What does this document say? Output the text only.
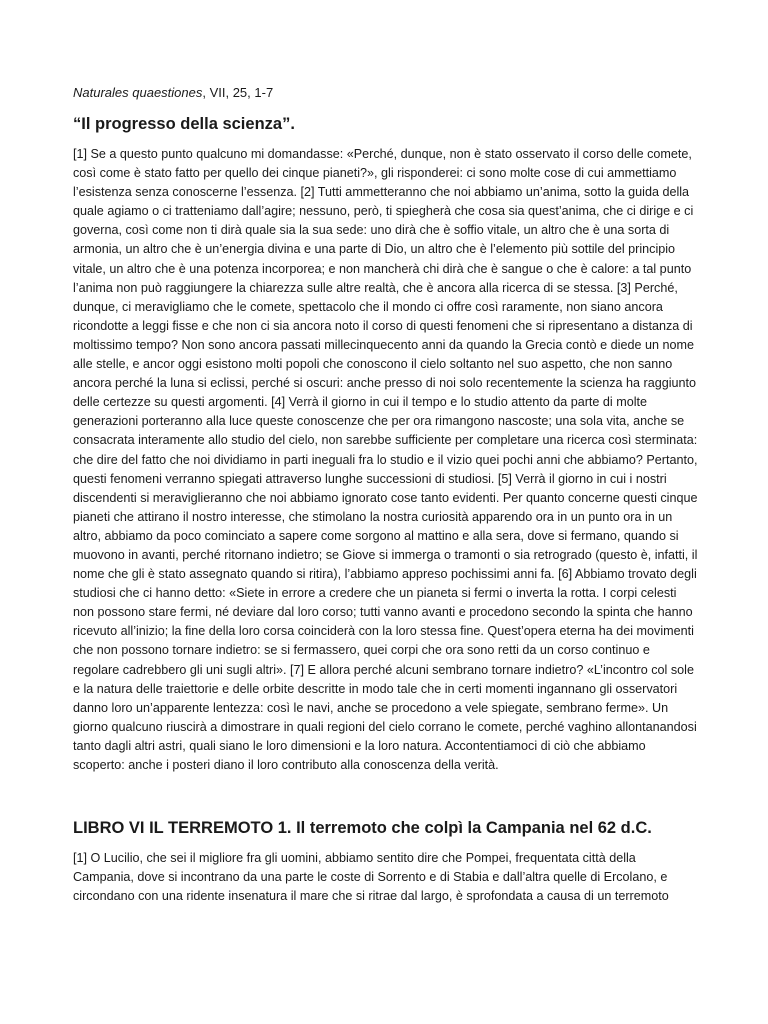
Naturales quaestiones, VII, 25, 1-7

“Il progresso della scienza”.

[1] Se a questo punto qualcuno mi domandasse: «Perché, dunque, non è stato osservato il corso delle comete, così come è stato fatto per quello dei cinque pianeti?», gli risponderei: ci sono molte cose di cui ammettiamo l’esistenza senza conoscerne l’essenza. [2] Tutti ammetteranno che noi abbiamo un’anima, sotto la guida della quale agiamo o ci tratteniamo dall’agire; nessuno, però, ti spiegherà che cosa sia quest’anima, che ci dirige e ci governa, così come non ti dirà quale sia la sua sede: uno dirà che è soffio vitale, un altro che è una sorta di armonia, un altro che è un’energia divina e una parte di Dio, un altro che è l’elemento più sottile del principio vitale, un altro che è una potenza incorporea; e non mancherà chi dirà che è sangue o che è calore: a tal punto l’anima non può raggiungere la chiarezza sulle altre realtà, che è ancora alla ricerca di se stessa. [3] Perché, dunque, ci meravigliamo che le comete, spettacolo che il mondo ci offre così raramente, non siano ancora ricondotte a leggi fisse e che non ci sia ancora noto il corso di questi fenomeni che si ripresentano a distanza di moltissimo tempo? Non sono ancora passati millecinquecento anni da quando la Grecia contò e diede un nome alle stelle, e ancor oggi esistono molti popoli che conoscono il cielo soltanto nel suo aspetto, che non sanno ancora perché la luna si eclissi, perché si oscuri: anche presso di noi solo recentemente la scienza ha raggiunto delle certezze su questi argomenti. [4] Verrà il giorno in cui il tempo e lo studio attento da parte di molte generazioni porteranno alla luce queste conoscenze che per ora rimangono nascoste; una sola vita, anche se consacrata interamente allo studio del cielo, non sarebbe sufficiente per completare una ricerca così sterminata: che dire del fatto che noi dividiamo in parti ineguali fra lo studio e il vizio quei pochi anni che abbiamo? Pertanto, questi fenomeni verranno spiegati attraverso lunghe successioni di studiosi. [5] Verrà il giorno in cui i nostri discendenti si meraviglieranno che noi abbiamo ignorato cose tanto evidenti. Per quanto concerne questi cinque pianeti che attirano il nostro interesse, che stimolano la nostra curiosità apparendo ora in un punto ora in un altro, abbiamo da poco cominciato a sapere come sorgono al mattino e alla sera, dove si fermano, quando si muovono in avanti, perché ritornano indietro; se Giove si immerga o tramonti o sia retrogrado (questo è, infatti, il nome che gli è stato assegnato quando si ritira), l’abbiamo appreso pochissimi anni fa. [6] Abbiamo trovato degli studiosi che ci hanno detto: «Siete in errore a credere che un pianeta si fermi o inverta la rotta. I corpi celesti non possono stare fermi, né deviare dal loro corso; tutti vanno avanti e procedono secondo la spinta che hanno ricevuto all’inizio; la fine della loro corsa coinciderà con la loro stessa fine. Quest’opera eterna ha dei movimenti che non possono tornare indietro: se si fermassero, quei corpi che ora sono retti da un corso continuo e regolare cadrebbero gli uni sugli altri». [7] E allora perché alcuni sembrano tornare indietro? «L’incontro col sole e la natura delle traiettorie e delle orbite descritte in modo tale che in certi momenti ingannano gli osservatori danno loro un’apparente lentezza: così le navi, anche se procedono a vele spiegate, sembrano ferme». Un giorno qualcuno riuscirà a dimostrare in quali regioni del cielo corrano le comete, perché vaghino allontanandosi tanto dagli altri astri, quali siano le loro dimensioni e la loro natura. Accontentiamoci di ciò che abbiamo scoperto: anche i posteri diano il loro contributo alla conoscenza della verità.

LIBRO VI IL TERREMOTO 1. Il terremoto che colpì la Campania nel 62 d.C.

[1] O Lucilio, che sei il migliore fra gli uomini, abbiamo sentito dire che Pompei, frequentata città della Campania, dove si incontrano da una parte le coste di Sorrento e di Stabia e dall’altra quelle di Ercolano, e circondano con una ridente insenatura il mare che si ritrae dal largo, è sprofondata a causa di un terremoto
